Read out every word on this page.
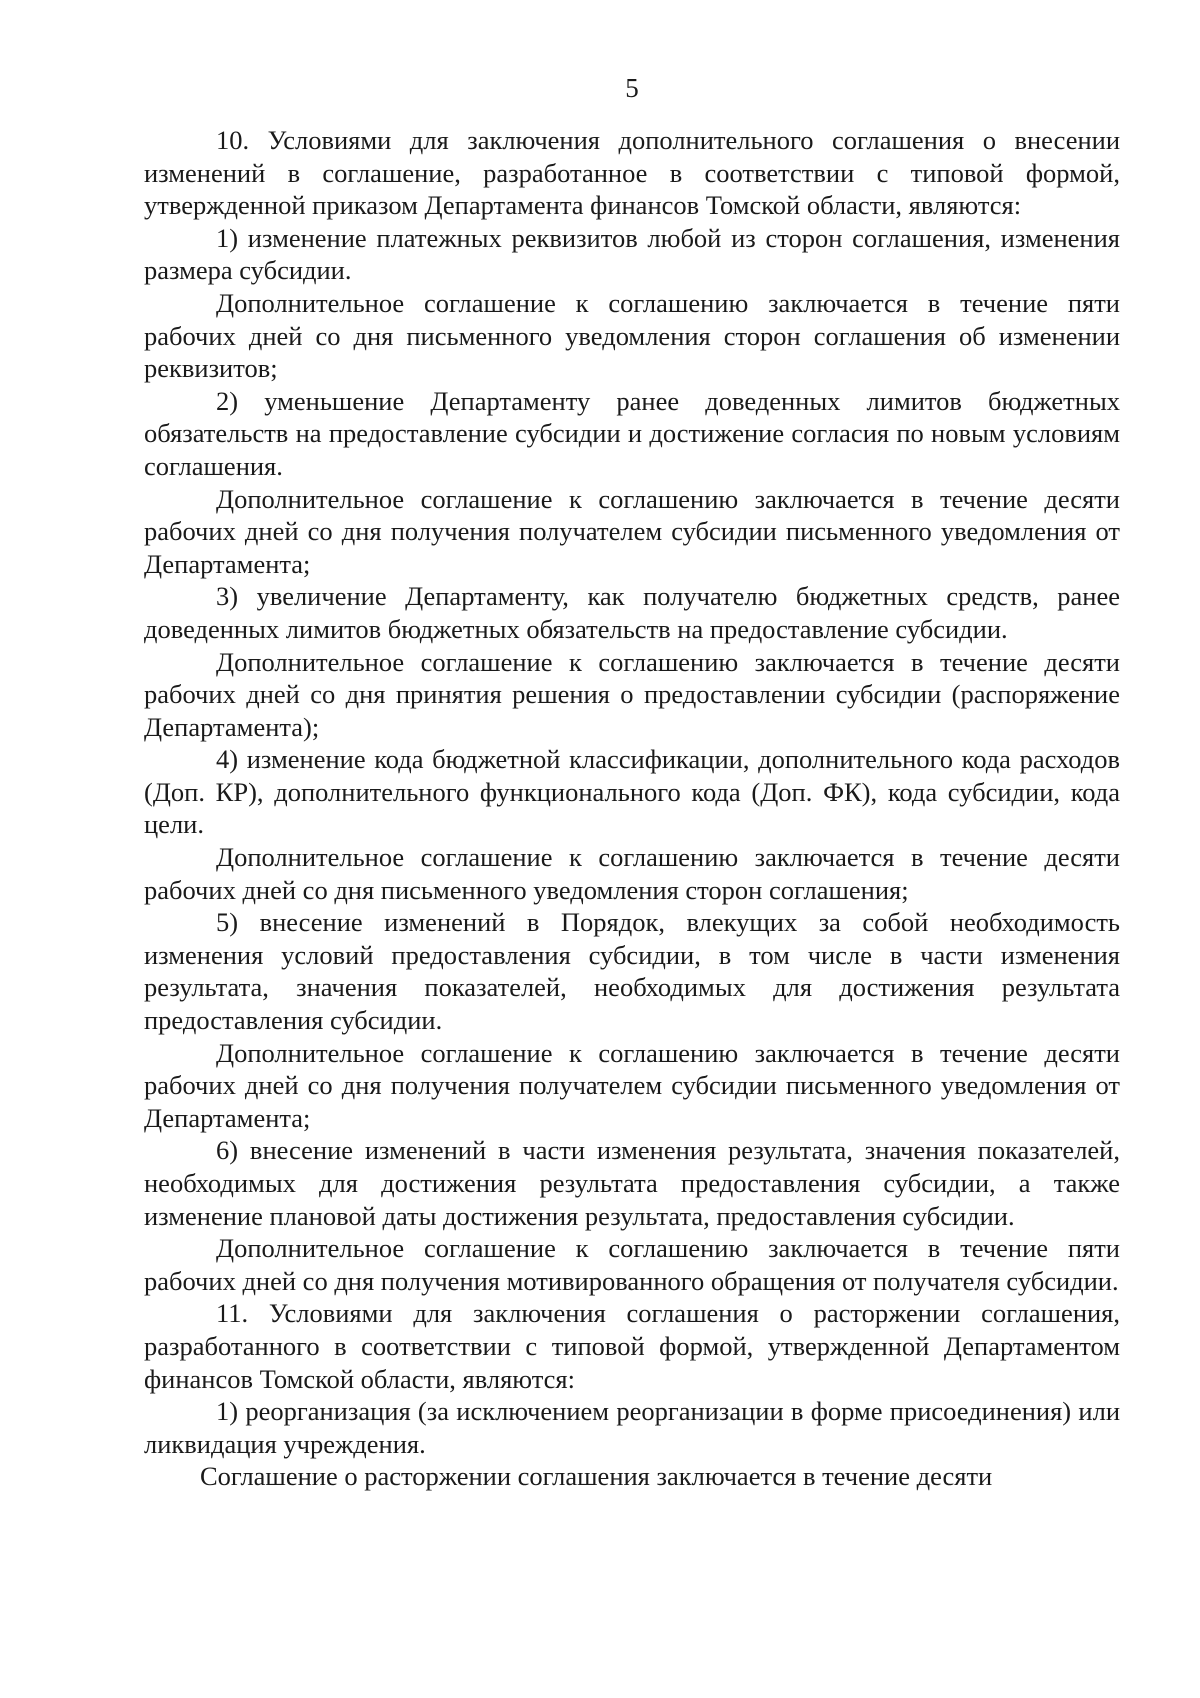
5

10. Условиями для заключения дополнительного соглашения о внесении изменений в соглашение, разработанное в соответствии с типовой формой, утвержденной приказом Департамента финансов Томской области, являются:

1) изменение платежных реквизитов любой из сторон соглашения, изменения размера субсидии.

Дополнительное соглашение к соглашению заключается в течение пяти рабочих дней со дня письменного уведомления сторон соглашения об изменении реквизитов;

2) уменьшение Департаменту ранее доведенных лимитов бюджетных обязательств на предоставление субсидии и достижение согласия по новым условиям соглашения.

Дополнительное соглашение к соглашению заключается в течение десяти рабочих дней со дня получения получателем субсидии письменного уведомления от Департамента;

3) увеличение Департаменту, как получателю бюджетных средств, ранее доведенных лимитов бюджетных обязательств на предоставление субсидии.

Дополнительное соглашение к соглашению заключается в течение десяти рабочих дней со дня принятия решения о предоставлении субсидии (распоряжение Департамента);

4) изменение кода бюджетной классификации, дополнительного кода расходов (Доп. КР), дополнительного функционального кода (Доп. ФК), кода субсидии, кода цели.

Дополнительное соглашение к соглашению заключается в течение десяти рабочих дней со дня письменного уведомления сторон соглашения;

5) внесение изменений в Порядок, влекущих за собой необходимость изменения условий предоставления субсидии, в том числе в части изменения результата, значения показателей, необходимых для достижения результата предоставления субсидии.

Дополнительное соглашение к соглашению заключается в течение десяти рабочих дней со дня получения получателем субсидии письменного уведомления от Департамента;

6) внесение изменений в части изменения результата, значения показателей, необходимых для достижения результата предоставления субсидии, а также изменение плановой даты достижения результата, предоставления субсидии.

Дополнительное соглашение к соглашению заключается в течение пяти рабочих дней со дня получения мотивированного обращения от получателя субсидии.

11. Условиями для заключения соглашения о расторжении соглашения, разработанного в соответствии с типовой формой, утвержденной Департаментом финансов Томской области, являются:

1) реорганизация (за исключением реорганизации в форме присоединения) или ликвидация учреждения.

Соглашение о расторжении соглашения заключается в течение десяти
